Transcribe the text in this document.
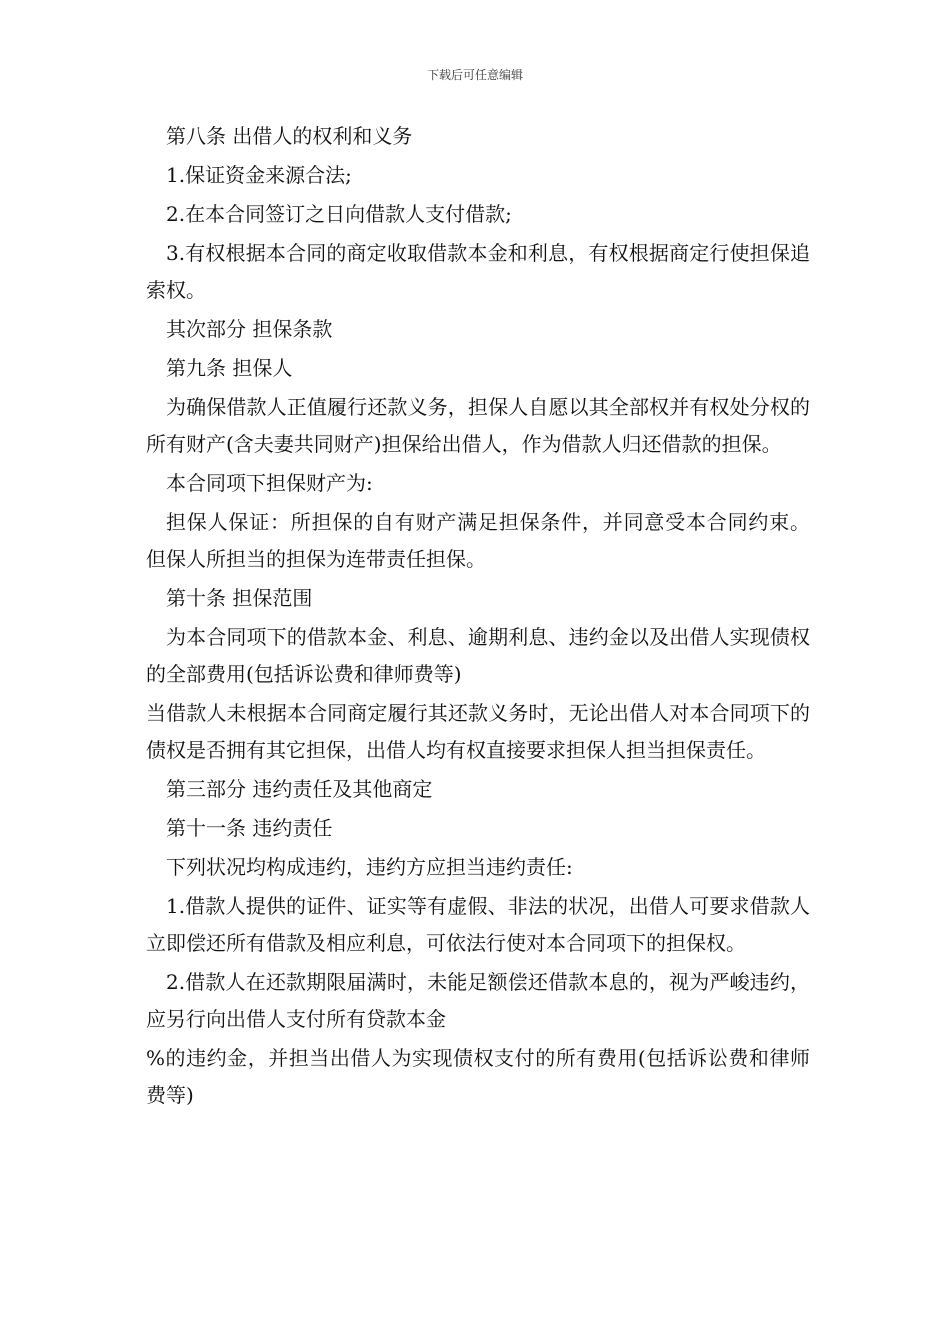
下载后可任意编辑

第八条 出借人的权利和义务

1.保证资金来源合法;

2.在本合同签订之日向借款人支付借款;

3.有权根据本合同的商定收取借款本金和利息，有权根据商定行使担保追索权。

其次部分 担保条款

第九条 担保人

为确保借款人正值履行还款义务，担保人自愿以其全部权并有权处分权的所有财产(含夫妻共同财产)担保给出借人，作为借款人归还借款的担保。

本合同项下担保财产为:

担保人保证：所担保的自有财产满足担保条件，并同意受本合同约束。 但保人所担当的担保为连带责任担保。

第十条 担保范围

为本合同项下的借款本金、利息、逾期利息、违约金以及出借人实现债权的全部费用(包括诉讼费和律师费等)

当借款人未根据本合同商定履行其还款义务时，无论出借人对本合同项下的债权是否拥有其它担保，出借人均有权直接要求担保人担当担保责任。

第三部分 违约责任及其他商定

第十一条 违约责任

下列状况均构成违约，违约方应担当违约责任:

1.借款人提供的证件、证实等有虚假、非法的状况，出借人可要求借款人立即偿还所有借款及相应利息，可依法行使对本合同项下的担保权。

2.借款人在还款期限届满时，未能足额偿还借款本息的，视为严峻违约，应另行向出借人支付所有贷款本金

%的违约金，并担当出借人为实现债权支付的所有费用(包括诉讼费和律师费等)
